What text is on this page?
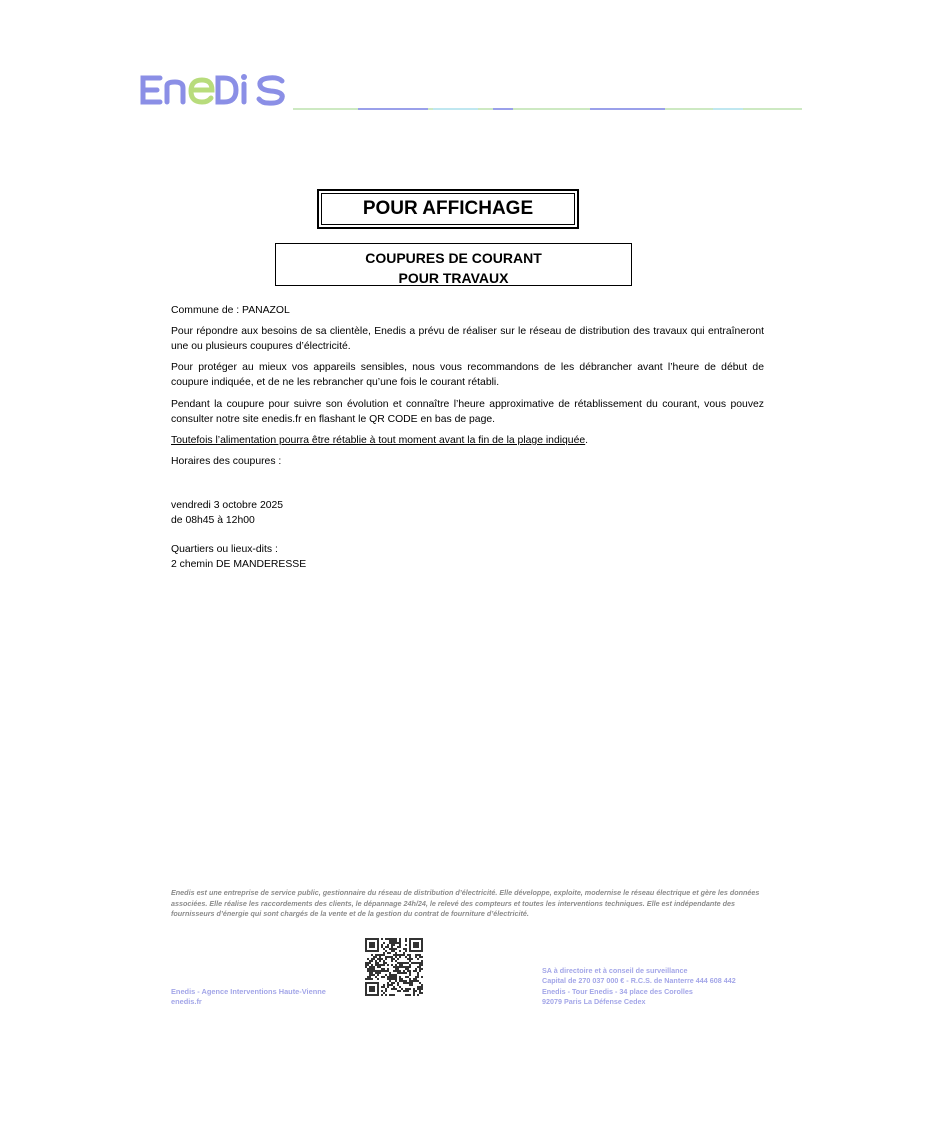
POUR AFFICHAGE
COUPURES DE COURANT
POUR TRAVAUX
Commune de : PANAZOL
Pour répondre aux besoins de sa clientèle, Enedis a prévu de réaliser sur le réseau de distribution des travaux qui entraîneront une ou plusieurs coupures d’électricité.
Pour protéger au mieux vos appareils sensibles, nous vous recommandons de les débrancher avant l’heure de début de coupure indiquée, et de ne les rebrancher qu’une fois le courant rétabli.
Pendant la coupure pour suivre son évolution et connaître l’heure approximative de rétablissement du courant, vous pouvez consulter notre site enedis.fr en flashant le QR CODE en bas de page.
Toutefois l’alimentation pourra être rétablie à tout moment avant la fin de la plage indiquée.
Horaires des coupures :
vendredi 3 octobre 2025
de 08h45 à 12h00
Quartiers ou lieux-dits :
2 chemin DE MANDERESSE
Enedis est une entreprise de service public, gestionnaire du réseau de distribution d’électricité. Elle développe, exploite, modernise le réseau électrique et gère les données associées. Elle réalise les raccordements des clients, le dépannage 24h/24, le relevé des compteurs et toutes les interventions techniques. Elle est indépendante des fournisseurs d’énergie qui sont chargés de la vente et de la gestion du contrat de fourniture d’électricité.
Enedis - Agence Interventions Haute-Vienne
enedis.fr
SA à directoire et à conseil de surveillance
Capital de 270 037 000 € - R.C.S. de Nanterre 444 608 442
Enedis - Tour Enedis - 34 place des Corolles
92079 Paris La Défense Cedex
